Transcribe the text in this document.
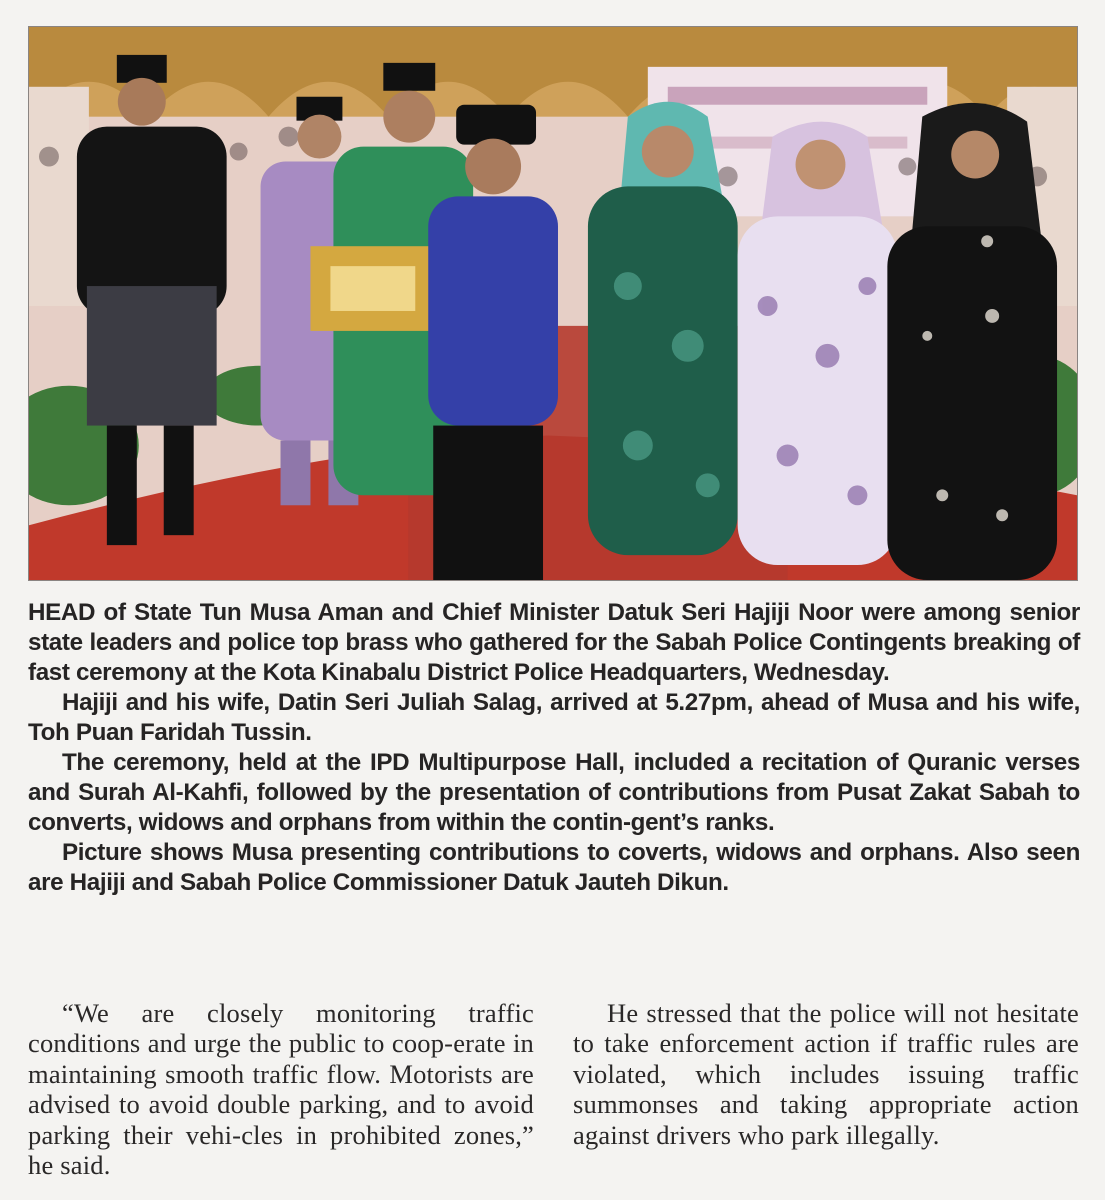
HEAD of State Tun Musa Aman and Chief Minister Datuk Seri Hajiji Noor were among senior state leaders and police top brass who gathered for the Sabah Police Contingents breaking of fast ceremony at the Kota Kinabalu District Police Headquarters, Wednesday.

Hajiji and his wife, Datin Seri Juliah Salag, arrived at 5.27pm, ahead of Musa and his wife, Toh Puan Faridah Tussin.

The ceremony, held at the IPD Multipurpose Hall, included a recitation of Quranic verses and Surah Al-Kahfi, followed by the presentation of contributions from Pusat Zakat Sabah to converts, widows and orphans from within the contin-gent’s ranks.

Picture shows Musa presenting contributions to coverts, widows and orphans. Also seen are Hajiji and Sabah Police Commissioner Datuk Jauteh Dikun.

“We are closely monitoring traffic conditions and urge the public to coop-erate in maintaining smooth traffic flow. Motorists are advised to avoid double parking, and to avoid parking their vehi-cles in prohibited zones,” he said.

He stressed that the police will not hesitate to take enforcement action if traffic rules are violated, which includes issuing traffic summonses and taking appropriate action against drivers who park illegally.
